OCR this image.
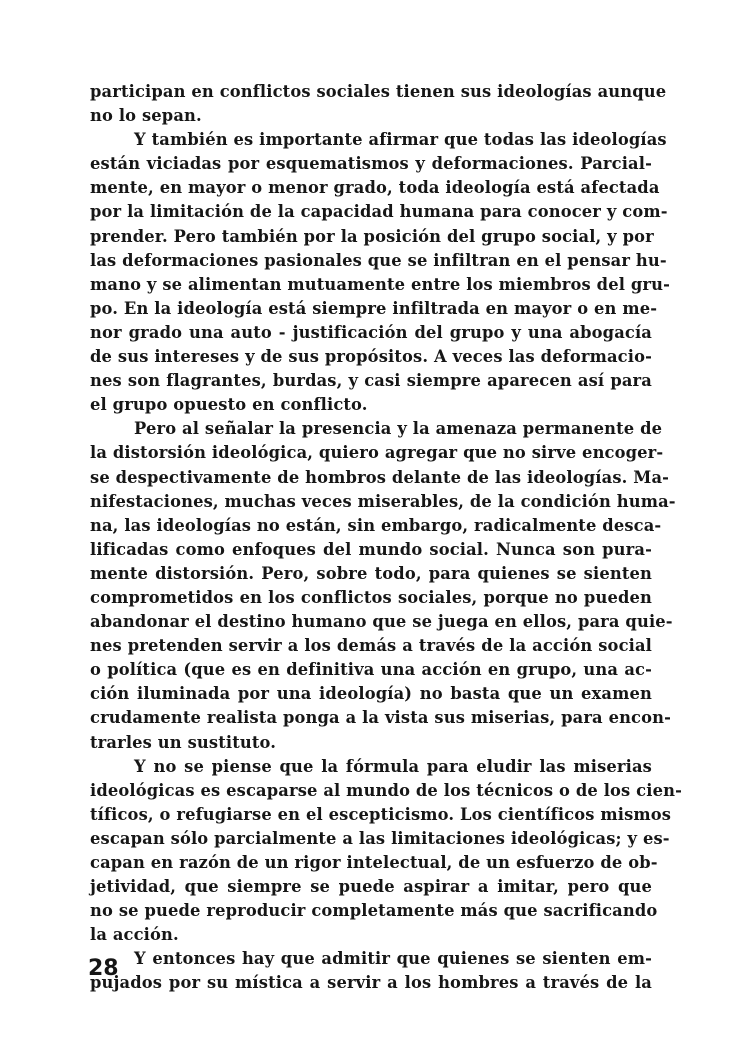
participan en conflictos sociales tienen sus ideologías aunque
no lo sepan.
Y también es importante afirmar que todas las ideologías
están viciadas por esquematismos y deformaciones. Parcial-
mente, en mayor o menor grado, toda ideología está afectada
por la limitación de la capacidad humana para conocer y com-
prender. Pero también por la posición del grupo social, y por
las deformaciones pasionales que se infiltran en el pensar hu-
mano y se alimentan mutuamente entre los miembros del gru-
po. En la ideología está siempre infiltrada en mayor o en me-
nor grado una auto - justificación del grupo y una abogacía
de sus intereses y de sus propósitos. A veces las deformacio-
nes son flagrantes, burdas, y casi siempre aparecen así para
el grupo opuesto en conflicto.
Pero al señalar la presencia y la amenaza permanente de
la distorsión ideológica, quiero agregar que no sirve encoger-
se despectivamente de hombros delante de las ideologías. Ma-
nifestaciones, muchas veces miserables, de la condición huma-
na, las ideologías no están, sin embargo, radicalmente desca-
lificadas como enfoques del mundo social. Nunca son pura-
mente distorsión. Pero, sobre todo, para quienes se sienten
comprometidos en los conflictos sociales, porque no pueden
abandonar el destino humano que se juega en ellos, para quie-
nes pretenden servir a los demás a través de la acción social
o política (que es en definitiva una acción en grupo, una ac-
ción iluminada por una ideología) no basta que un examen
crudamente realista ponga a la vista sus miserias, para encon-
trarles un sustituto.
Y no se piense que la fórmula para eludir las miserias
ideológicas es escaparse al mundo de los técnicos o de los cien-
tíficos, o refugiarse en el escepticismo. Los científicos mismos
escapan sólo parcialmente a las limitaciones ideológicas; y es-
capan en razón de un rigor intelectual, de un esfuerzo de ob-
jetividad, que siempre se puede aspirar a imitar, pero que
no se puede reproducir completamente más que sacrificando
la acción.
Y entonces hay que admitir que quienes se sienten em-
pujados por su mística a servir a los hombres a través de la
28
